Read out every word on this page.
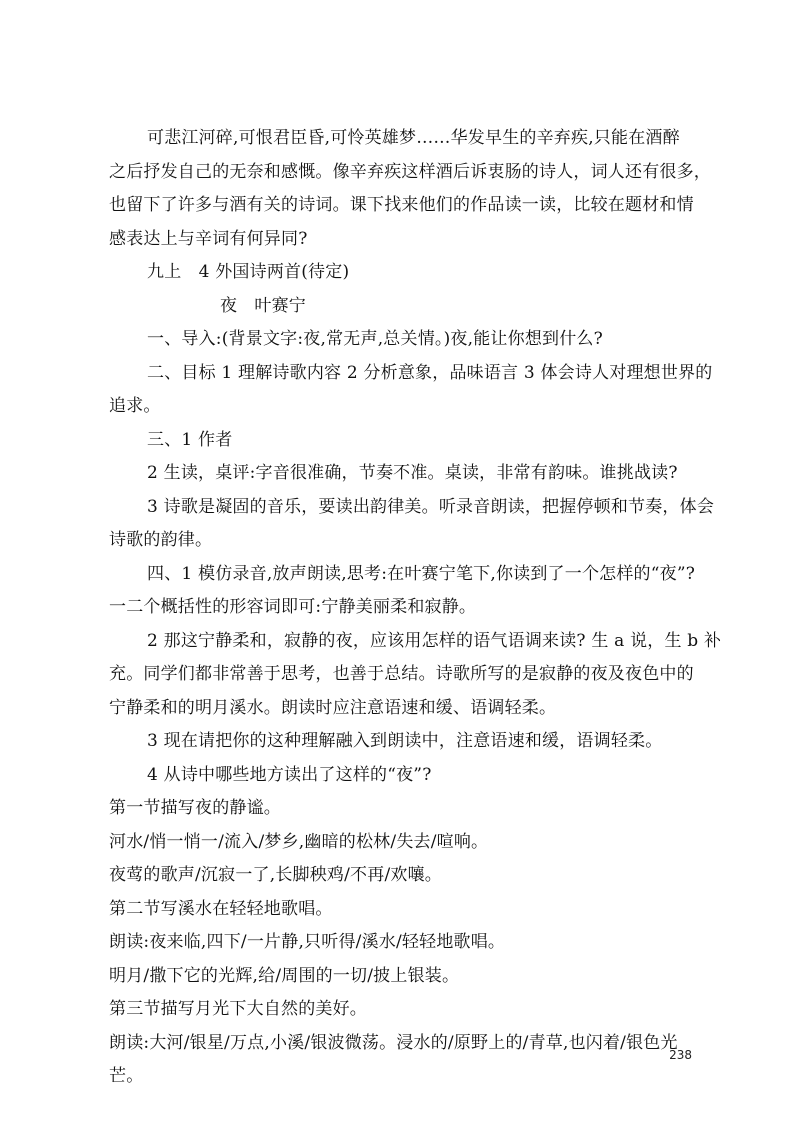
可悲江河碎,可恨君臣昏,可怜英雄梦……华发早生的辛弃疾,只能在酒醉
之后抒发自己的无奈和感慨。像辛弃疾这样酒后诉衷肠的诗人，词人还有很多，
也留下了许多与酒有关的诗词。课下找来他们的作品读一读，比较在题材和情
感表达上与辛词有何异同?
九上　4 外国诗两首(待定)
夜　叶赛宁
一、导入:(背景文字:夜,常无声,总关情。)夜,能让你想到什么?
二、目标 1 理解诗歌内容 2 分析意象，品味语言 3 体会诗人对理想世界的
追求。
三、1 作者
2 生读，桌评:字音很准确，节奏不准。桌读，非常有韵味。谁挑战读?
3 诗歌是凝固的音乐，要读出韵律美。听录音朗读，把握停顿和节奏，体会
诗歌的韵律。
四、1 模仿录音,放声朗读,思考:在叶赛宁笔下,你读到了一个怎样的“夜”?
一二个概括性的形容词即可:宁静美丽柔和寂静。
2 那这宁静柔和，寂静的夜，应该用怎样的语气语调来读? 生 a 说，生 b 补
充。同学们都非常善于思考，也善于总结。诗歌所写的是寂静的夜及夜色中的
宁静柔和的明月溪水。朗读时应注意语速和缓、语调轻柔。
3 现在请把你的这种理解融入到朗读中，注意语速和缓，语调轻柔。
4 从诗中哪些地方读出了这样的“夜”?
第一节描写夜的静谧。
河水/悄一悄一/流入/梦乡,幽暗的松林/失去/喧响。
夜莺的歌声/沉寂一了,长脚秧鸡/不再/欢嚷。
第二节写溪水在轻轻地歌唱。
朗读:夜来临,四下/一片静,只听得/溪水/轻轻地歌唱。
明月/撒下它的光辉,给/周围的一切/披上银装。
第三节描写月光下大自然的美好。
朗读:大河/银星/万点,小溪/银波微荡。浸水的/原野上的/青草,也闪着/银色光
芒。
238
